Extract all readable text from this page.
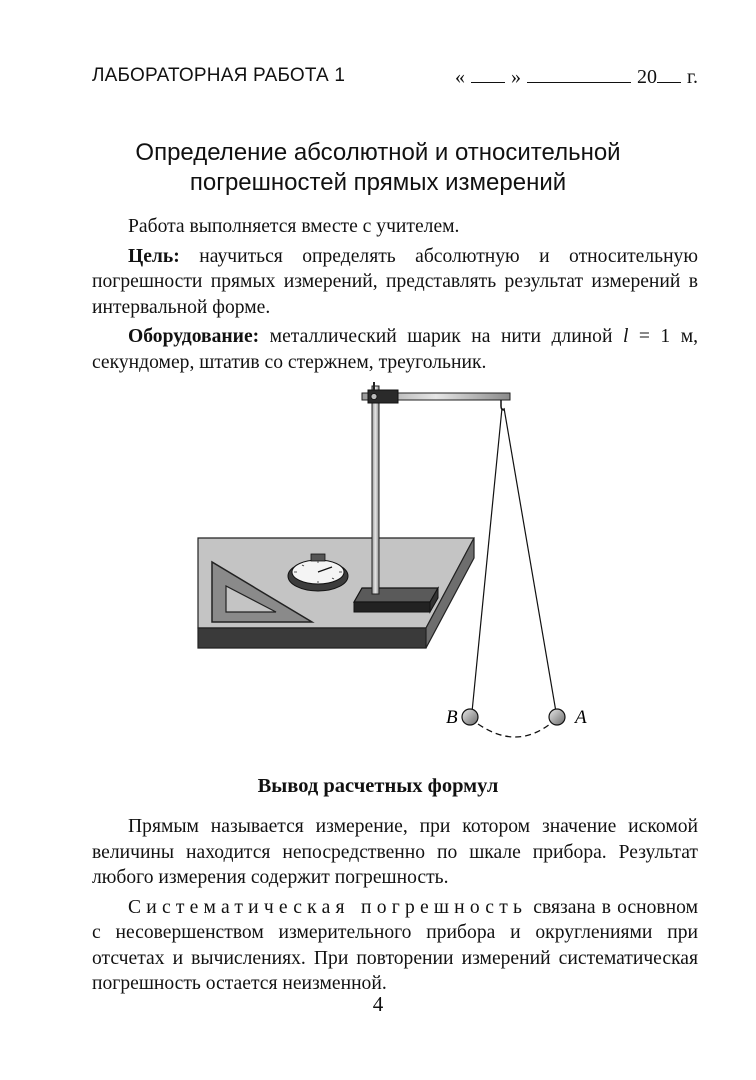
ЛАБОРАТОРНАЯ РАБОТА 1	« »	20 г.
Определение абсолютной и относительной
погрешностей прямых измерений

Работа выполняется вместе с учителем.

Цель: научиться определять абсолютную и относительную погрешности прямых измерений, представлять результат измерений в интервальной форме.

Оборудование: металлический шарик на нити длиной l = 1 м, секундомер, штатив со стержнем, треугольник.

B	A
Вывод расчетных формул

Прямым называется измерение, при котором значение искомой величины находится непосредственно по шкале прибора. Результат любого измерения содержит погрешность.

Систематическая погрешность связана в основном с несовершенством измерительного прибора и округлениями при отсчетах и вычислениях. При повторении измерений систематическая погрешность остается неизменной.

4
